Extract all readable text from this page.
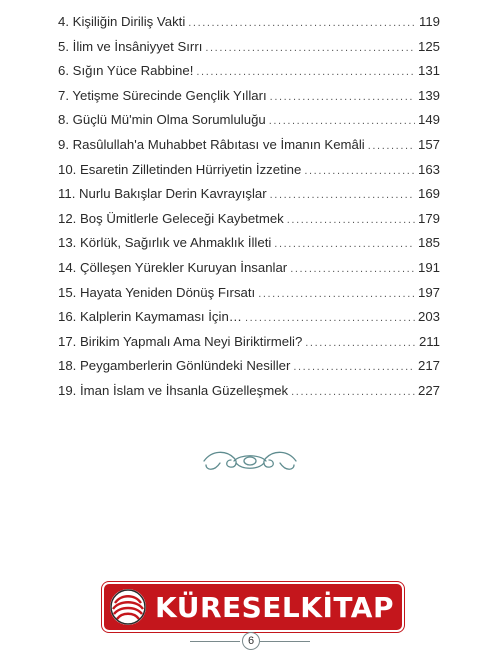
4. Kişiliğin Diriliş Vakti .....	119
5. İlim ve İnsâniyyet Sırrı .....	125
6. Sığın Yüce Rabbine! .....	131
7. Yetişme Sürecinde Gençlik Yılları .....	139
8. Güçlü Mü'min Olma Sorumluluğu .....	149
9. Rasûlullah'a Muhabbet Râbıtası ve İmanın Kemâli .....	157
10. Esaretin Zilletinden Hürriyetin İzzetine .....	163
11. Nurlu Bakışlar Derin Kavrayışlar .....	169
12. Boş Ümitlerle Geleceği Kaybetmek .....	179
13. Körlük, Sağırlık ve Ahmaklık İlleti .....	185
14. Çölleşen Yürekler Kuruyan İnsanlar .....	191
15. Hayata Yeniden Dönüş Fırsatı .....	197
16. Kalplerin Kaymaması İçin… .....	203
17. Birikim Yapmalı Ama Neyi Biriktirmeli? .....	211
18. Peygamberlerin Gönlündeki Nesiller .....	217
19. İman İslam ve İhsanla Güzelleşmek .....	227
KÜRESELKİTAP
6
